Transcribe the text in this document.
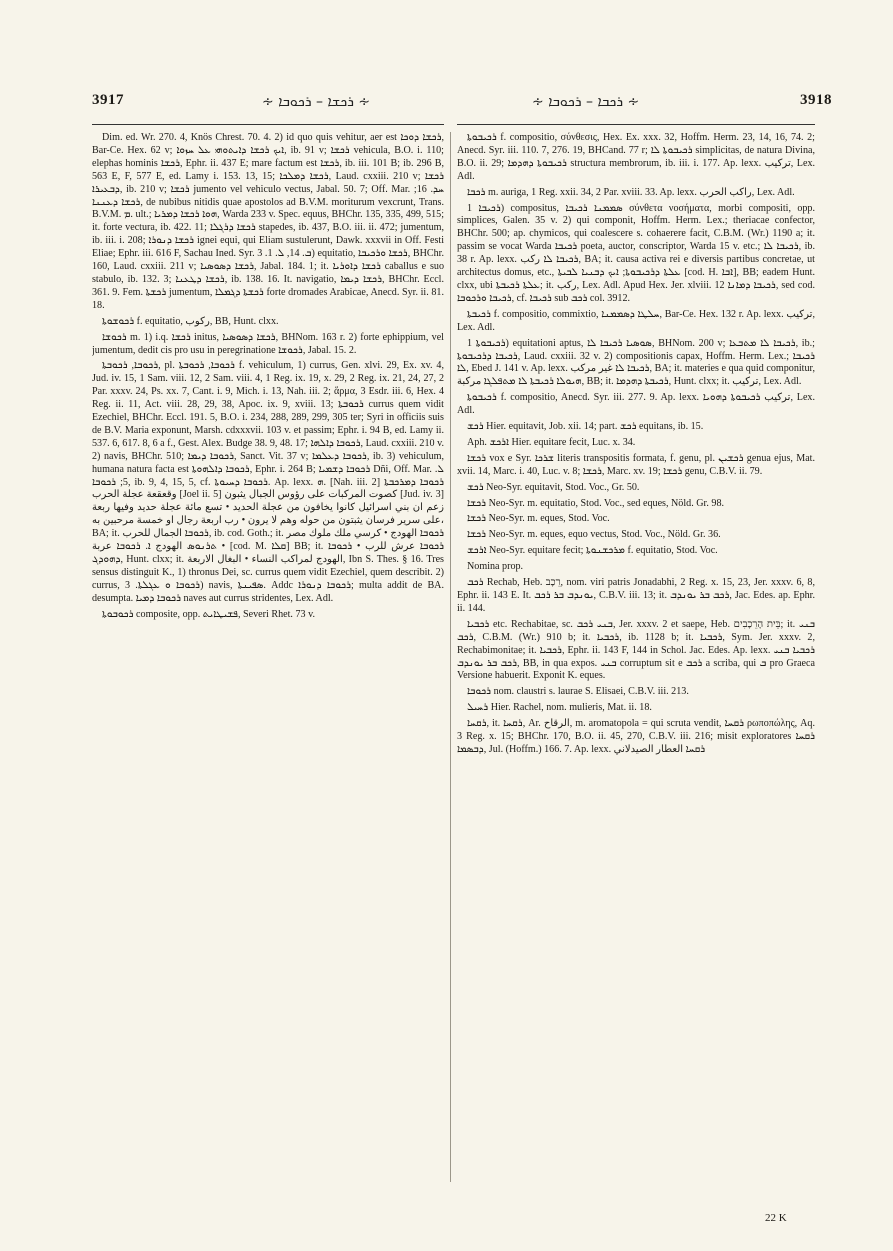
3917	∻ ܪܟܫܐ – ܪܟܘܒܐ ∻	∻ ܪܟܒܐ – ܪܟܘܒܐ ∻	3918

Dim. ed. Wr. 270. 4, Knös Chrest. 70. 4. 2) id quo quis vehitur, aer est ܪܟܫܐ ܕܘܟܐ, Bar-Ce. Hex. 62 v; ܐܝܟ ܪܟܫܐ ܕܐܝܬܘܗܝ ܥܠ ܚܙܘܐ, ib. 91 v; ܪܟܫܐ vehicula, B.O. i. 110; elephas hominis ܪܟܫܐ, Ephr. ii. 437 E; mare factum est ܪܟܫܐ, ib. iii. 101 B; ib. 296 B, 563 E, F, 577 E, ed. Lamy i. 153. 13, 15; ܪܟܫܐ ܕܡܠܟܐ, Laud. cxxiii. 210 v; ܪܟܫܐ ܕܒܥܝܪܐ, ib. 210 v; ܪܟܫܐ jumento vel vehiculo vectus, Jabal. 50. 7; Off. Mar. ܚܕ. 16; ܪܟܫܐ ܕܥܢܢܐ, de nubibus nitidis quae apostolos ad B.V.M. moriturum vexcrunt, Trans. B.V.M. ܡ. ult.; ܗܘܐ ܪܟܫܐ ܕܡܪܝܐ, Warda 233 v. Spec. equus, BHChr. 135, 335, 499, 515; it. forte vectura, ib. 422. 11; ܪܟܫܐ ܕܪܓܠܐ stapedes, ib. 437, B.O. iii. ii. 472; jumentum, ib. iii. i. 208; ܪܟܫܐ ܕܢܘܪܐ ignei equi, qui Eliam sustulerunt, Dawk. xxxvii in Off. Festi Eliae; Ephr. iii. 616 F, Sachau Ined. Syr. ܒ. 14, ܠ. 1. 3) equitatio, ܪܟܫܐ ܘܪܟܝܒܐ, BHChr. 160, Laud. cxxiii. 211 v; ܪܟܫܐ ܕܣܘܣܝܐ, Jabal. 184. 1; it. ܪܟܫܐ ܕܐܘܪܝܐ caballus e suo stabulo, ib. 132. 3; ܪܟܫܐ ܕܛܥܢܐ, ib. 138. 16. It. navigatio, ܪܟܫܐ ܕܝܡܐ, BHChr. Eccl. 361. 9. Fem. ܪܟܫܬܐ jumentum, ܪܟܫܬܐ ܕܓܡܠܐ forte dromades Arabicae, Anecd. Syr. ii. 81. 18.

ܪܟܘܫܘܬܐ f. equitatio, ركوب, BB, Hunt. clxx.

ܪܟܘܫܐ m. 1) i.q. ܪܟܫܐ initus, ܪܟܫܐ ܕܣܘܣܝܐ, BHNom. 163 r. 2) forte ephippium, vel jumentum, dedit cis pro usu in peregrinatione ܪܟܘܫܐ, Jabal. 15. 2.

ܪܟܘܒܐ, ܪܟܘܒܬܐ, pl. ܪܟܘܒܐ, ܪܟܘܒܬܐ f. vehiculum, 1) currus, Gen. xlvi. 29, Ex. xv. 4, Jud. iv. 15, 1 Sam. viii. 12, 2 Sam. viii. 4, 1 Reg. ix. 19, x. 29, 2 Reg. ix. 21, 24, 27, 2 Par. xxxv. 24, Ps. xx. 7, Cant. i. 9, Mich. i. 13, Nah. iii. 2; ἅρμα, 3 Esdr. iii. 6, Hex. 4 Reg. ii. 11, Act. viii. 28, 29, 38, Apoc. ix. 9, xviii. 13; ܪܟܘܒܬܐ currus quem vidit Ezechiel, BHChr. Eccl. 191. 5, B.O. i. 234, 288, 289, 299, 305 ter; Syri in officiis suis de B.V. Maria exponunt, Marsh. cdxxxvii. 103 v. et passim; Ephr. i. 94 B, ed. Lamy ii. 537. 6, 617. 8, 6 a f., Gest. Alex. Budge 38. 9, 48. 17; ܪܟܘܒܐ ܕܐܠܗܐ, Laud. cxxiii. 210 v. 2) navis, BHChr. 510; ܪܟܘܒܐ ܕܝܡܐ, Sanct. Vit. 37 v; ܪܟܘܒܐ ܕܥܠܡܐ, ib. 3) vehiculum, humana natura facta est ܪܟܘܒܐ ܕܐܠܗܘܬܐ, Ephr. i. 264 B; ܪܟܘܒܐ ܕܫܡܝܐ Dñi, Off. Mar. ܠ. 5; ܪܟܘܒܐ, ib. 9, 4, 15, 5, cf. ܪܟܘܒܐ ܕܚܝܘܬܐ. Ap. lexx. ܗ. [Nah. iii. 2] ܪܟܘܒܐ ܕܡܪܟܒܬܐ وقعقعة عجلة الحرب [Joel ii. 5] كصوت المركبات على رؤوس الجبال يثبون [Jud. iv. 3] زعم ان بني اسرائيل كانوا يخافون من عجلة الحديد • تسع مائة عجلة حديد وفيها ربعة على سرير فرسان يثبتون من حوله وهم لا يرون • رب اربعة رجال او خمسة مرحبين به، BA; it. ܪܟܘܒܐ الجمال للحرب, ib. cod. Goth.; it. ܪܟܘܒܐ الهودج • كرسي ملك ملوك مصر • ܬܪܢܘܣ الهودج ܐ. ܪܟܘܒܐ عربة [cod. M. ܩܠܐ] BB; it. ܪܟܘܒܐ عرش للرب • ܪܟܘܒܐ ܕܗܘܕܓ, Hunt. clxx; it. الهودج لمراكب النساء • البغال الاربعة, Ibn S. Thes. § 16. Tres sensus distinguit K., 1) thronus Dei, sc. currus quem vidit Ezechiel, quem describit. 2) currus, ܪܟܘܒܐ ܘ ܥܓܠܬܐ. 3) navis, ܣܦܝܢܬܐ. Addc ܪܟܘܒܐ ܕܢܘܪܐ; multa addit de BA. desumpta. ܪܟܘܒܐ ܕܡܝܐ naves aut currus stridentes, Lex. Adl.

ܪܟܘܒܘܬܐ composite, opp. ܦܫܝܛܐܝܬ, Severi Rhet. 73 v.

ܪܟܝܒܘܬܐ f. compositio, σύνθεσις, Hex. Ex. xxx. 32, Hoffm. Herm. 23, 14, 16, 74. 2; Anecd. Syr. iii. 110. 7, 276. 19, BHCand. 77 r; ܪܟܝܒܘܬܐ ܠܐ simplicitas, de natura Divina, B.O. ii. 29; ܪܟܝܒܘܬܐ ܕܗܕܡܐ structura membrorum, ib. iii. i. 177. Ap. lexx. تركيب, Lex. Adl.

ܪܟܒܐ m. auriga, 1 Reg. xxii. 34, 2 Par. xviii. 33. Ap. lexx. راكب الحرب, Lex. Adl.

ܪܟܝܒܐ 1) compositus, ܣܡܡܢܐ ܪܟܝܒܐ σύνθετα νοσήματα, morbi compositi, opp. simplices, Galen. 35 v. 2) qui componit, Hoffm. Herm. Lex.; theriacae confector, BHChr. 500; ap. chymicos, qui coalescere s. cohaerere facit, C.B.M. (Wr.) 1190 a; it. passim se vocat Warda ܪܟܝܒܐ poeta, auctor, conscriptor, Warda 15 v. etc.; ܪܟܝܒܐ ܠܐ, ib. 38 r. Ap. lexx. ܪܟܝܒܐ ܠܐ ركب, BA; it. causa activa rei e diversis partibus concretae, ut architectus domus, etc., ܥܠܬܐ ܕܪܟܝܒܘܬܐ; ܐܝܟ ܕܒܢܝܐ ܠܒܝܬܐ [cod. H. ܐܒܐ], BB; eadem Hunt. clxx, ubi ܥܠܬܐ ܪܟܝܒܬܐ; it. ركب, Lex. Adl. Apud Hex. Jer. xlviii. 12 ܪܟܝܒܐ ܕܡܐܢܐ, sed cod. ܪܟܝܒܐ ܘܪܟܘܒܐ, cf. ܪܟܝܒܐ sub ܪܟܒ col. 3912.

ܪܟܝܒܬܐ f. compositio, commixtio, ܚܠܛܐ ܕܣܡܡܢܐ, Bar-Ce. Hex. 132 r. Ap. lexx. تركيب, Lex. Adl.

ܪܟܝܒܘܬܐ 1) equitationi aptus, ܣܘܣܝܐ ܪܟܝܒܐ ܠܐ, BHNom. 200 v; ܪܟܝܒܐ ܠܐ ܡܬܒܥܐ, ib.; ܪܟܝܒܐ ܕܪܟܝܒܘܬܐ, Laud. cxxiii. 32 v. 2) compositionis capax, Hoffm. Herm. Lex.; ܪܟܝܒܐ ܠܐ, Ebed J. 141 v. Ap. lexx. ܪܟܝܒܐ ܠܐ غير مركب, BA; it. materies e qua quid componitur, ܗܝܘܠܐ ܪܟܝܒܬܐ ܠܐ ܡܬܦܠܓܐ مركبة, BB; it. ܪܟܝܒܬܐ ܕܗܕܡܐ, Hunt. clxx; it. تركيب, Lex. Adl.

ܪܟܝܒܘܬܐ f. compositio, Anecd. Syr. iii. 277. 9. Ap. lexx. تركيب ܪܟܝܒܘܬܐ ܕܗܘܝܐ, Lex. Adl.

ܪܟܫ Hier. equitavit, Job. xii. 14; part. ܪܟܫ equitans, ib. 15.

Aph. ܐܪܟܫ Hier. equitare fecit, Luc. x. 34.

ܪܟܫܐ vox e Syr. ܫܪܟܐ literis transpositis formata, f. genu, pl. ܪܟܫܝܢ genua ejus, Mat. xvii. 14, Marc. i. 40, Luc. v. 8; ܪܟܫܐ, Marc. xv. 19; ܪܟܫܐ genu, C.B.V. ii. 79.

ܪܟܫ Neo-Syr. equitavit, Stod. Voc., Gr. 50.

ܪܟܫܐ Neo-Syr. m. equitatio, Stod. Voc., sed eques, Nöld. Gr. 98.

ܪܟܫܐ Neo-Syr. m. eques, Stod. Voc.

ܪܟܫܐ Neo-Syr. m. eques, equo vectus, Stod. Voc., Nöld. Gr. 36.

ܐܪܟܫ Neo-Syr. equitare fecit; ܡܪܟܫܢܘܬܐ f. equitatio, Stod. Voc.

Nomina prop.

ܪܟܒ Rechab, Heb. רֵכָב, nom. viri patris Jonadabhi, 2 Reg. x. 15, 23, Jer. xxxv. 6, 8, Ephr. ii. 143 E. It. ܝܘܢܕܒ ܒܪ ܪܟܒ, C.B.V. iii. 13; it. ܪܟܒ ܒܪ ܝܘܢܕܒ, Jac. Edes. ap. Ephr. ii. 144.

ܪܟܒܝܐ etc. Rechabitae, sc. ܒܢܝ ܪܟܒ, Jer. xxxv. 2 et saepe, Heb. בֵּית הָרֵכָבִים; it. ܒܢܝ ܪܟܒ, C.B.M. (Wr.) 910 b; it. ܪܟܒܝܐ, ib. 1128 b; it. ܪܟܒܝܐ, Sym. Jer. xxxv. 2, Rechabimonitae; it. ܪܟܒܝܐ, Ephr. ii. 143 F, 144 in Schol. Jac. Edes. Ap. lexx. ܪܟܒܝܐ ܒܢܝ ܪܟܒ ܒܪ ܝܘܢܕܒ, BB, in qua expos. ܒܢܝ corruptum sit e ܪܟܒ a scriba, qui ܒ pro Graeca Versione habuerit. Exponit K. eques.

ܪܟܘܒܐ nom. claustri s. laurae S. Elisaei, C.B.V. iii. 213.

ܪܚܝܠ Hier. Rachel, nom. mulieris, Mat. ii. 18.

ܪܩܚܐ, it. ܪܩܚܐ, Ar. الرقاح, m. aromatopola = qui scruta vendit, ܪܩܚܐ ρωποπώλης, Aq. 3 Reg. x. 15; BHChr. 170, B.O. ii. 45, 270, C.B.V. iii. 216; misit exploratores ܪܩܚܐ ܕܒܣܡܐ, Jul. (Hoffm.) 166. 7. Ap. lexx. ܪܩܚܐ العطار الصيدلاني

22 K
